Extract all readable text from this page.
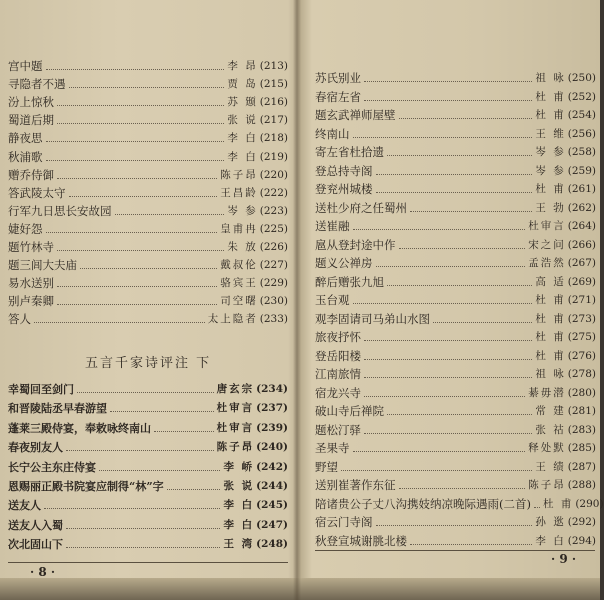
宫中题	李 昂 (213)
寻隐者不遇	贾 岛 (215)
汾上惊秋	苏 颋 (216)
蜀道后期	张 说 (217)
静夜思	李 白 (218)
秋浦歌	李 白 (219)
赠乔侍御	陈子昂 (220)
答武陵太守	王昌龄 (222)
行军九日思长安故园	岑 参 (223)
婕好怨	皇甫冉 (225)
题竹林寺	朱 放 (226)
题三闾大夫庙	戴叔伦 (227)
易水送别	骆宾王 (229)
别卢秦卿	司空曙 (230)
答人	太上隐者 (233)
五言千家诗评注 下
幸蜀回至剑门	唐玄宗 (234)
和晋陵陆丞早春游望	杜审言 (237)
蓬莱三殿侍宴，奉敕咏终南山	杜审言 (239)
春夜别友人	陈子昂 (240)
长宁公主东庄侍宴	李 峤 (242)
恩赐丽正殿书院宴应制得“林”字	张 说 (244)
送友人	李 白 (245)
送友人入蜀	李 白 (247)
次北固山下	王 湾 (248)
· 8 ·
苏氏别业	祖 咏 (250)
春宿左省	杜 甫 (252)
题玄武禅师屋壁	杜 甫 (254)
终南山	王 维 (256)
寄左省杜拾遗	岑 参 (258)
登总持寺阁	岑 参 (259)
登兖州城楼	杜 甫 (261)
送杜少府之任蜀州	王 勃 (262)
送崔融	杜审言 (264)
扈从登封途中作	宋之问 (266)
题义公禅房	孟浩然 (267)
醉后赠张九旭	高 适 (269)
玉台观	杜 甫 (271)
观李固请司马弟山水图	杜 甫 (273)
旅夜抒怀	杜 甫 (275)
登岳阳楼	杜 甫 (276)
江南旅情	祖 咏 (278)
宿龙兴寺	綦毋潜 (280)
破山寺后禅院	常 建 (281)
题松汀驿	张 祜 (283)
圣果寺	释处默 (285)
野望	王 绩 (287)
送别崔著作东征	陈子昂 (288)
陪诸贵公子丈八沟携妓纳凉晚际遇雨(二首) 杜 甫 (290)
宿云门寺阁	孙 逖 (292)
秋登宣城谢朓北楼	李 白 (294)
· 9 ·
